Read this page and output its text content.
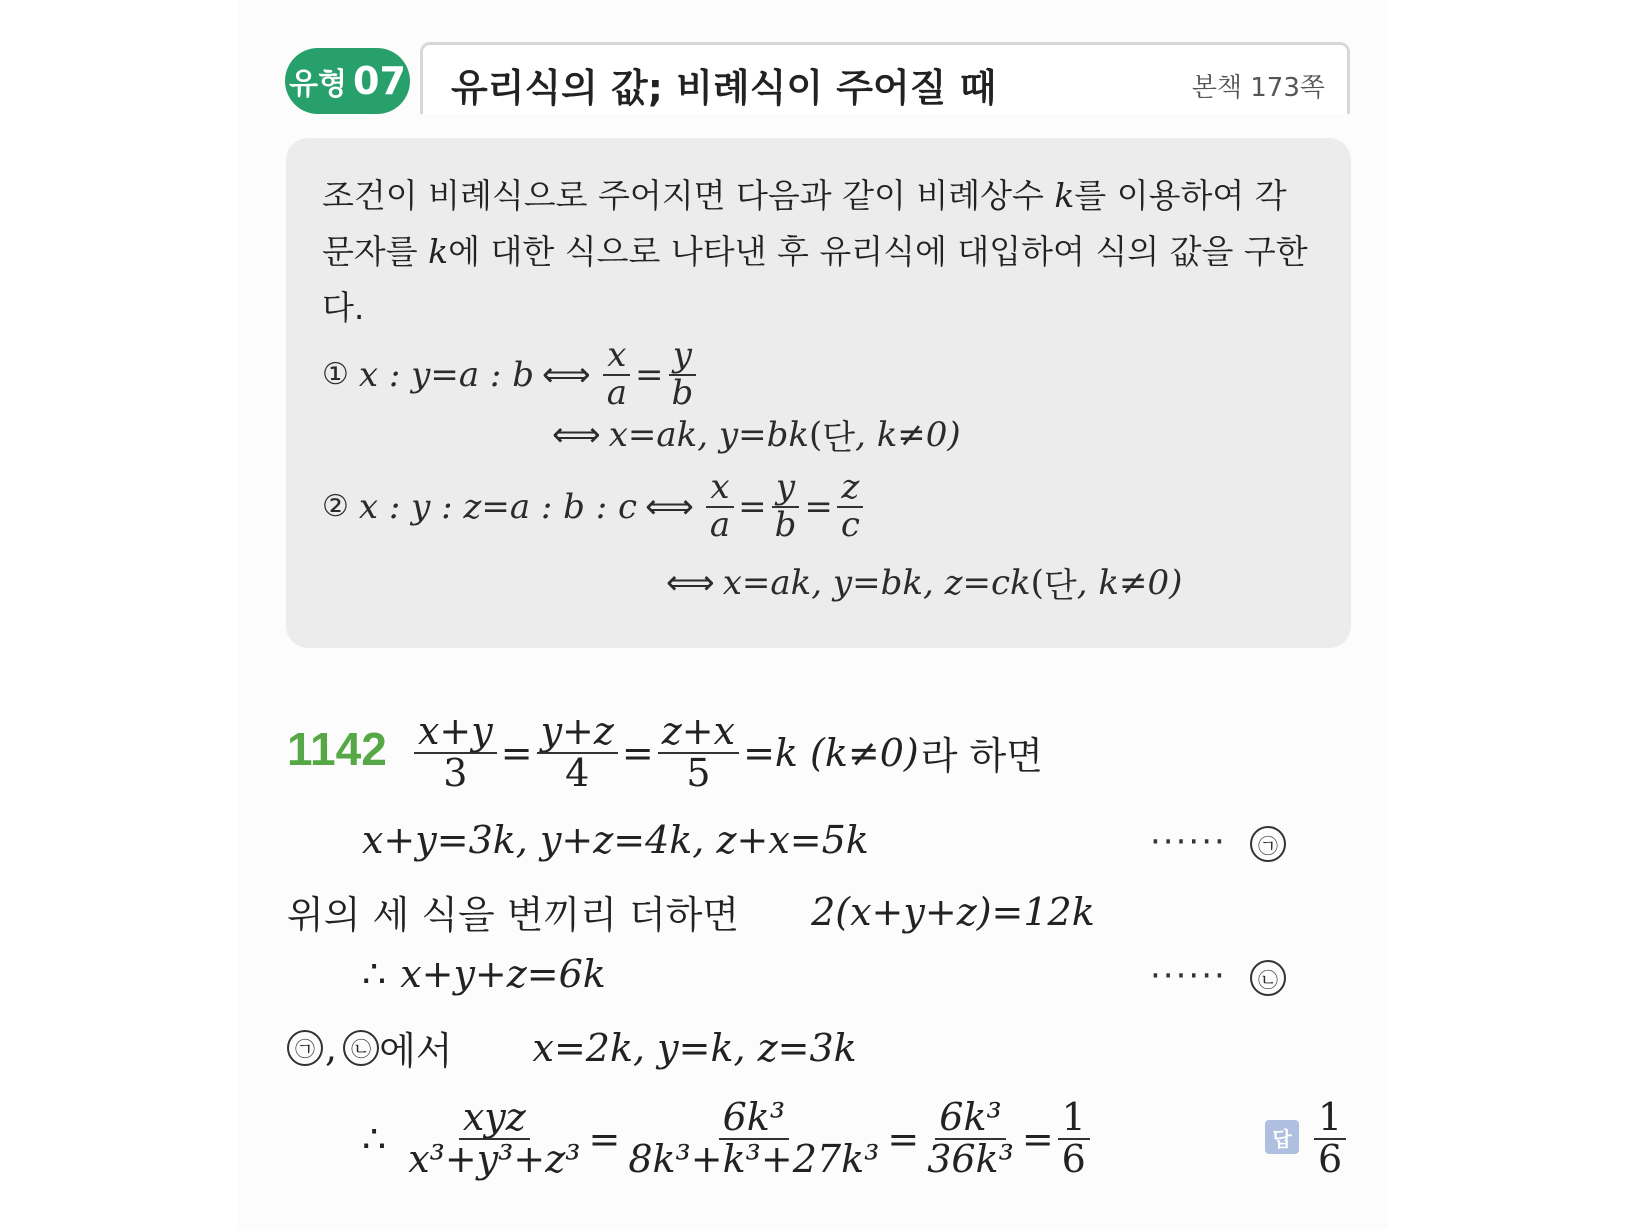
유형 07 유리식의 값; 비례식이 주어질 때	본책 173쪽
조건이 비례식으로 주어지면 다음과 같이 비례상수 k를 이용하여 각 문자를 k에 대한 식으로 나타낸 후 유리식에 대입하여 식의 값을 구한다.
① x : y=a : b ⟺ $\frac{x}{a} = \frac{y}{b}$
⟺ x=ak, y=bk ( 단 , k≠0)
② x : y : z=a : b : c ⟺ $\frac{x}{a} = \frac{y}{b} = \frac{z}{c}$
⟺ x=ak, y=bk, z=ck ( 단 , k≠0)
$1142 \frac{x+y}{3} = \frac{y+z}{4} = \frac{z+x}{5} =k$ (k≠0) 라 하면
x+y=3k, y+z=4k, z+x=5k	······	㉠
위의 세 식을 변끼리 더하면 2(x+y+z)=12k
∴ x+y+z=6k	······	㉡
㉠ , ㉡ 에서 x=2k, y=k, z=3k
∴ $\frac{\text{xyz}}{\text{x³+y³+z³}} = \frac{\text{6k³}}{\text{8k³+k³+27k³}} = \frac{\text{6k³}}{\text{36k³}} = \frac{1}{6}$	답 $\frac{1}{6}$
